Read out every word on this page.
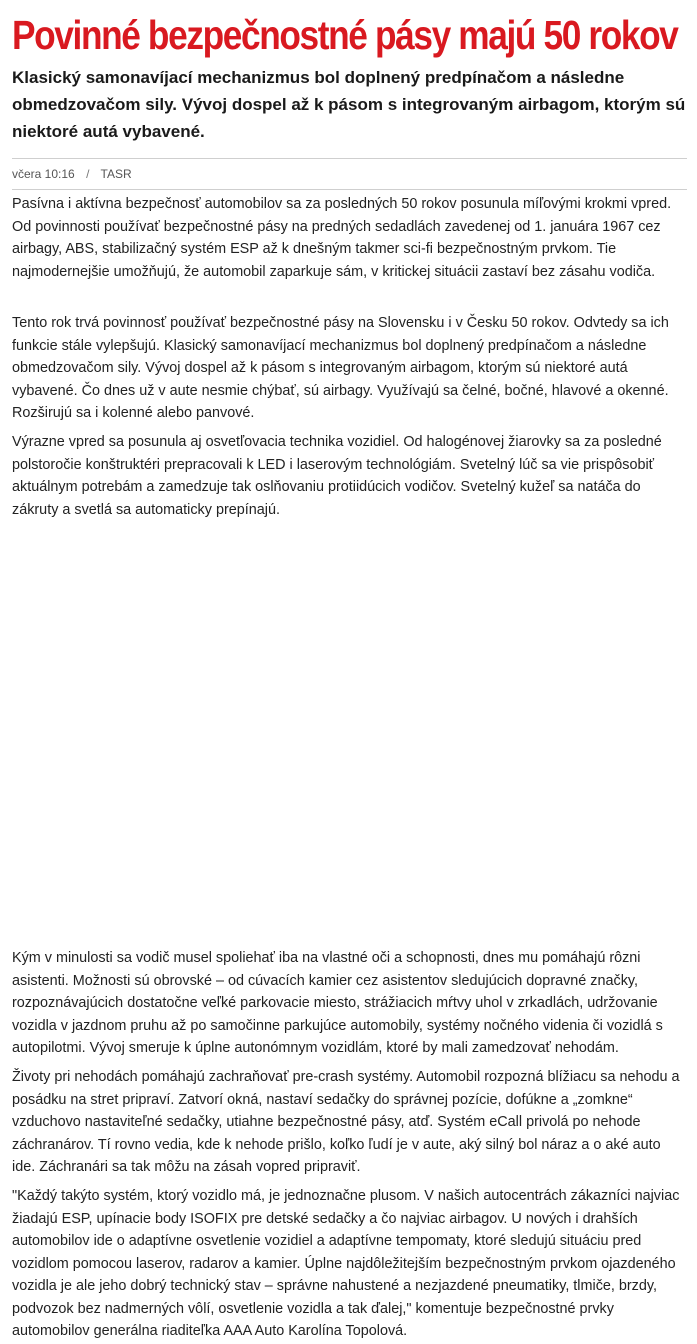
Povinné bezpečnostné pásy majú 50 rokov
Klasický samonavíjací mechanizmus bol doplnený predpínačom a následne obmedzovačom sily. Vývoj dospel až k pásom s integrovaným airbagom, ktorým sú niektoré autá vybavené.
včera 10:16 / TASR

Pasívna i aktívna bezpečnosť automobilov sa za posledných 50 rokov posunula míľovými krokmi vpred. Od povinnosti používať bezpečnostné pásy na predných sedadlách zavedenej od 1. januára 1967 cez airbagy, ABS, stabilizačný systém ESP až k dnešným takmer sci-fi bezpečnostným prvkom. Tie najmodernejšie umožňujú, že automobil zaparkuje sám, v kritickej situácii zastaví bez zásahu vodiča.

Tento rok trvá povinnosť používať bezpečnostné pásy na Slovensku i v Česku 50 rokov. Odvtedy sa ich funkcie stále vylepšujú. Klasický samonavíjací mechanizmus bol doplnený predpínačom a následne obmedzovačom sily. Vývoj dospel až k pásom s integrovaným airbagom, ktorým sú niektoré autá vybavené. Čo dnes už v aute nesmie chýbať, sú airbagy. Využívajú sa čelné, bočné, hlavové a okenné. Rozširujú sa i kolenné alebo panvové.

Výrazne vpred sa posunula aj osvetľovacia technika vozidiel. Od halogénovej žiarovky sa za posledné polstoročie konštruktéri prepracovali k LED i laserovým technológiám. Svetelný lúč sa vie prispôsobiť aktuálnym potrebám a zamedzuje tak oslňovaniu protiidúcich vodičov. Svetelný kužeľ sa natáča do zákruty a svetlá sa automaticky prepínajú.

Kým v minulosti sa vodič musel spoliehať iba na vlastné oči a schopnosti, dnes mu pomáhajú rôzni asistenti. Možnosti sú obrovské – od cúvacích kamier cez asistentov sledujúcich dopravné značky, rozpoznávajúcich dostatočne veľké parkovacie miesto, strážiacich mŕtvy uhol v zrkadlách, udržovanie vozidla v jazdnom pruhu až po samočinne parkujúce automobily, systémy nočného videnia či vozidlá s autopilotmi. Vývoj smeruje k úplne autonómnym vozidlám, ktoré by mali zamedzovať nehodám.

Životy pri nehodách pomáhajú zachraňovať pre-crash systémy. Automobil rozpozná blížiacu sa nehodu a posádku na stret pripraví. Zatvorí okná, nastaví sedačky do správnej pozície, dofúkne a „zomkne“ vzduchovo nastaviteľné sedačky, utiahne bezpečnostné pásy, atď. Systém eCall privolá po nehode záchranárov. Tí rovno vedia, kde k nehode prišlo, koľko ľudí je v aute, aký silný bol náraz a o aké auto ide. Záchranári sa tak môžu na zásah vopred pripraviť.

"Každý takýto systém, ktorý vozidlo má, je jednoznačne plusom. V našich autocentrách zákazníci najviac žiadajú ESP, upínacie body ISOFIX pre detské sedačky a čo najviac airbagov. U nových i drahších automobilov ide o adaptívne osvetlenie vozidiel a adaptívne tempomaty, ktoré sledujú situáciu pred vozidlom pomocou laserov, radarov a kamier. Úplne najdôležitejším bezpečnostným prvkom ojazdeného vozidla je ale jeho dobrý technický stav – správne nahustené a nezjazdené pneumatiky, tlmiče, brzdy, podvozok bez nadmerných vôlí, osvetlenie vozidla a tak ďalej," komentuje bezpečnostné prvky automobilov generálna riaditeľka AAA Auto Karolína Topolová.
